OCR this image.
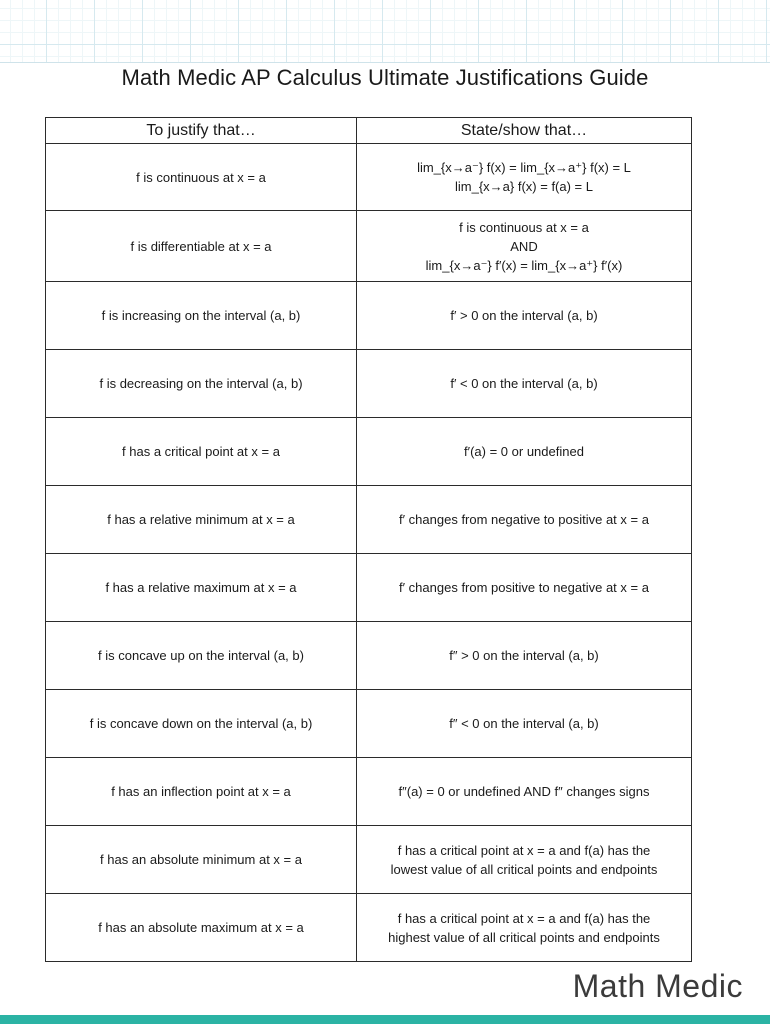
Math Medic AP Calculus Ultimate Justifications Guide
To justify that…	State/show that…

f is continuous at x = a	lim_{x→a⁻} f(x) = lim_{x→a⁺} f(x) = L
lim_{x→a} f(x) = f(a) = L

f is differentiable at x = a	f is continuous at x = a
AND
lim_{x→a⁻} f′(x) = lim_{x→a⁺} f′(x)

f is increasing on the interval (a, b)	f′ > 0 on the interval (a, b)

f is decreasing on the interval (a, b)	f′ < 0 on the interval (a, b)

f has a critical point at x = a	f′(a) = 0 or undefined

f has a relative minimum at x = a	f′ changes from negative to positive at x = a

f has a relative maximum at x = a	f′ changes from positive to negative at x = a

f is concave up on the interval (a, b)	f″ > 0 on the interval (a, b)

f is concave down on the interval (a, b)	f″ < 0 on the interval (a, b)

f has an inflection point at x = a	f″(a) = 0 or undefined AND f″ changes signs

f has an absolute minimum at x = a	f has a critical point at x = a and f(a) has the
lowest value of all critical points and endpoints

f has an absolute maximum at x = a	f has a critical point at x = a and f(a) has the
highest value of all critical points and endpoints
Math Medic
